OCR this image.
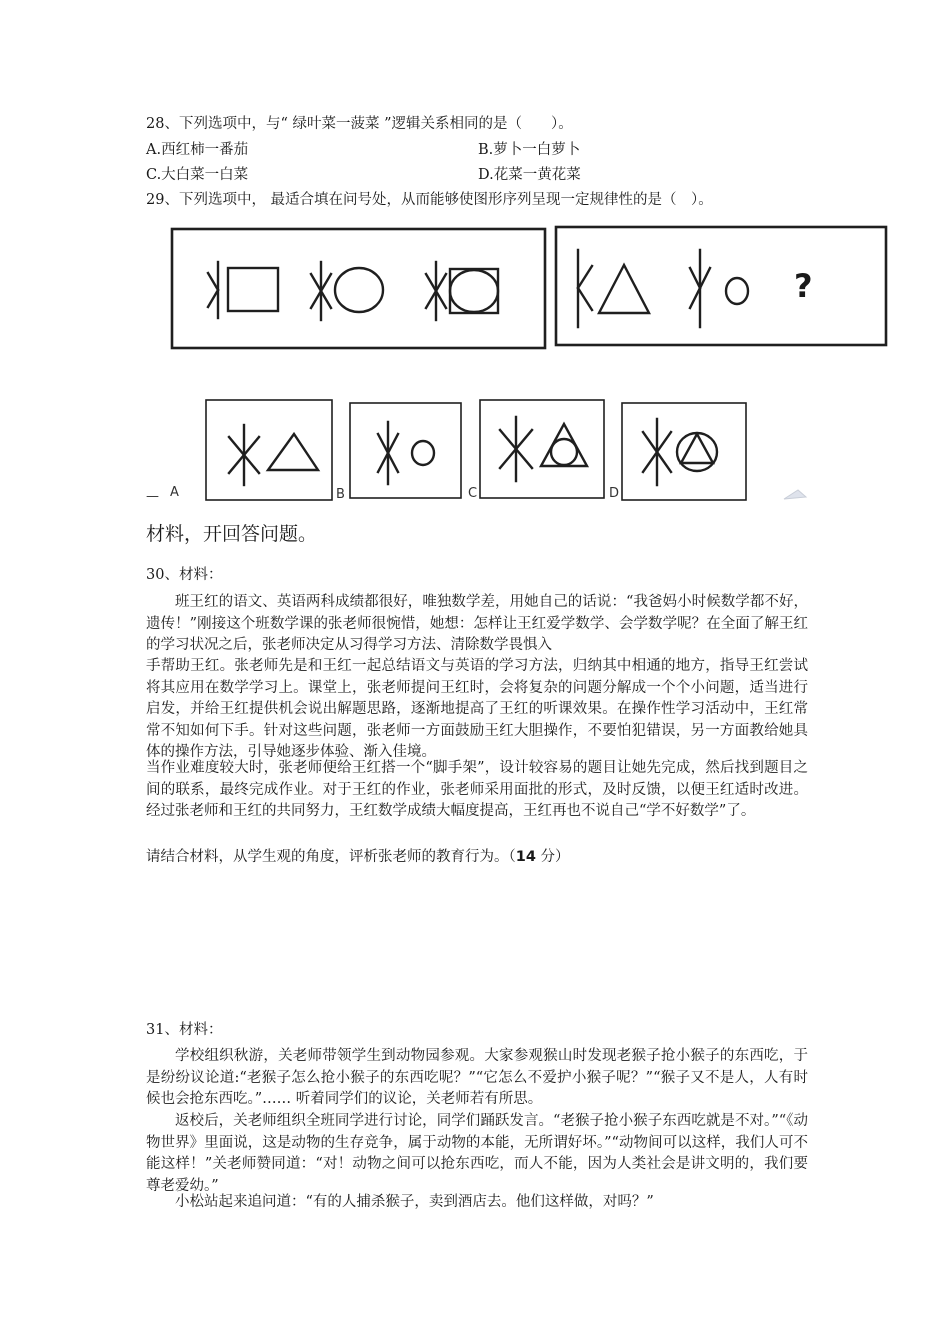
28、下列选项中，与“ 绿叶菜一菠菜 ”逻辑关系相同的是（　　）。
A.西红柿一番茄	B.萝卜一白萝卜
C.大白菜一白菜	D.花菜一黄花菜
29、下列选项中， 最适合填在问号处，从而能够使图形序列呈现一定规律性的是（　）。
?
A	B	C	D
—
材料，开回答问题。
30、材料：
班王红的语文、英语两科成绩都很好，唯独数学差，用她自己的话说：“我爸妈小时候数学都不好，遗传！”刚接这个班数学课的张老师很惋惜，她想：怎样让王红爱学数学、会学数学呢？在全面了解王红的学习状况之后，张老师决定从习得学习方法、清除数学畏惧入
手帮助王红。张老师先是和王红一起总结语文与英语的学习方法，归纳其中相通的地方，指导王红尝试将其应用在数学学习上。课堂上，张老师提问王红时，会将复杂的问题分解成一个个小问题，适当进行启发，并给王红提供机会说出解题思路，逐渐地提高了王红的听课效果。在操作性学习活动中，王红常常不知如何下手。针对这些问题，张老师一方面鼓励王红大胆操作，不要怕犯错误，另一方面教给她具体的操作方法，引导她逐步体验、渐入佳境。
当作业难度较大时，张老师便给王红搭一个“脚手架”，设计较容易的题目让她先完成，然后找到题目之间的联系，最终完成作业。对于王红的作业，张老师采用面批的形式，及时反馈，以便王红适时改进。经过张老师和王红的共同努力，王红数学成绩大幅度提高，王红再也不说自己“学不好数学”了。
请结合材料，从学生观的角度，评析张老师的教育行为。（14 分）
31、材料：
学校组织秋游，关老师带领学生到动物园参观。大家参观猴山时发现老猴子抢小猴子的东西吃，于是纷纷议论道:“老猴子怎么抢小猴子的东西吃呢？”“它怎么不爱护小猴子呢？”“猴子又不是人，人有时候也会抢东西吃。”…… 听着同学们的议论，关老师若有所思。
返校后，关老师组织全班同学进行讨论，同学们踊跃发言。“老猴子抢小猴子东西吃就是不对。”“《动物世界》里面说，这是动物的生存竞争，属于动物的本能，无所谓好坏。”“动物间可以这样，我们人可不能这样！”关老师赞同道：“对！动物之间可以抢东西吃，而人不能，因为人类社会是讲文明的，我们要尊老爱幼。”
小松站起来追问道：“有的人捕杀猴子，卖到酒店去。他们这样做，对吗？”
